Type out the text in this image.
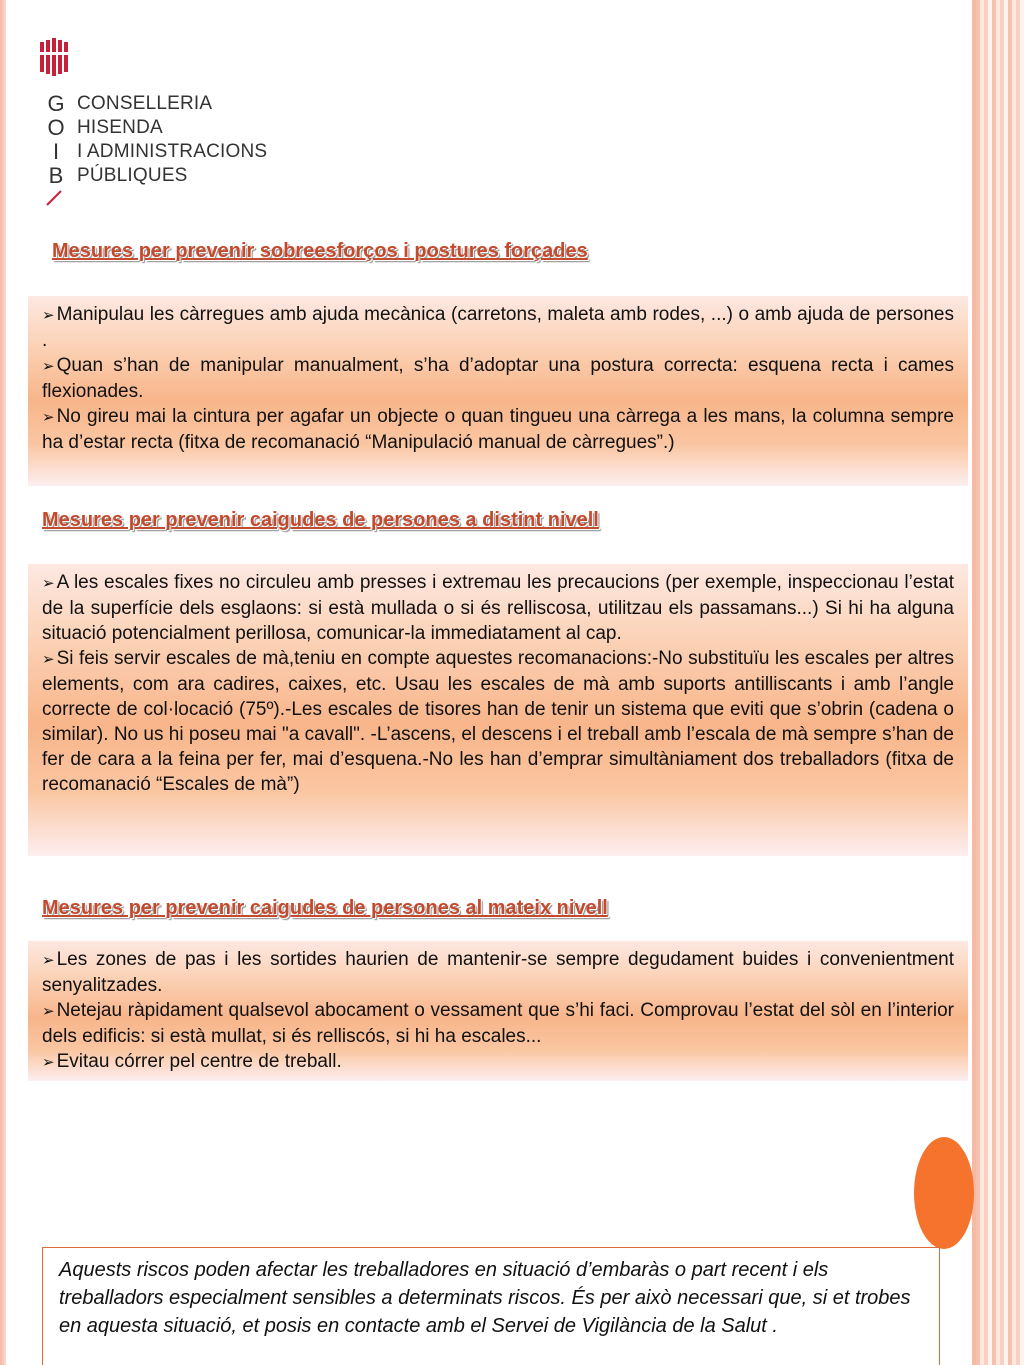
G
O
I
B
CONSELLERIA
HISENDA
I ADMINISTRACIONS
PÚBLIQUES
Mesures per prevenir sobreesforços i postures forçades

➢ Manipulau les càrregues amb ajuda mecànica (carretons, maleta amb rodes, ...) o amb ajuda de persones .

➢ Quan s’han de manipular manualment, s’ha d’adoptar una postura correcta: esquena recta i cames flexionades.

➢ No gireu mai la cintura per agafar un objecte o quan tingueu una càrrega a les mans, la columna sempre ha d’estar recta (fitxa de recomanació “Manipulació manual de càrregues”.)

Mesures per prevenir caigudes de persones a distint nivell

➢ A les escales fixes no circuleu amb presses i extremau les precaucions (per exemple, inspeccionau l’estat de la superfície dels esglaons: si està mullada o si és relliscosa, utilitzau els passamans...) Si hi ha alguna situació potencialment perillosa, comunicar-la immediatament al cap.

➢ Si feis servir escales de mà,teniu en compte aquestes recomanacions:-No substituïu les escales per altres elements, com ara cadires, caixes, etc. Usau les escales de mà amb suports antilliscants i amb l’angle correcte de col·locació (75º).-Les escales de tisores han de tenir un sistema que eviti que s’obrin (cadena o similar). No us hi poseu mai "a cavall". -L’ascens, el descens i el treball amb l’escala de mà sempre s’han de fer de cara a la feina per fer, mai d’esquena.-No les han d’emprar simultàniament dos treballadors (fitxa de recomanació “Escales de mà”)

Mesures per prevenir caigudes de persones al mateix nivell

➢ Les zones de pas i les sortides haurien de mantenir-se sempre degudament buides i convenientment senyalitzades.

➢ Netejau ràpidament qualsevol abocament o vessament que s’hi faci. Comprovau l’estat del sòl en l’interior dels edificis: si està mullat, si és relliscós, si hi ha escales...

➢ Evitau córrer pel centre de treball.

Aquests riscos poden afectar les treballadores en situació d’embaràs o part recent i els treballadors especialment sensibles a determinats riscos. És per això necessari que, si et trobes en aquesta situació, et posis en contacte amb el Servei de Vigilància de la Salut .
